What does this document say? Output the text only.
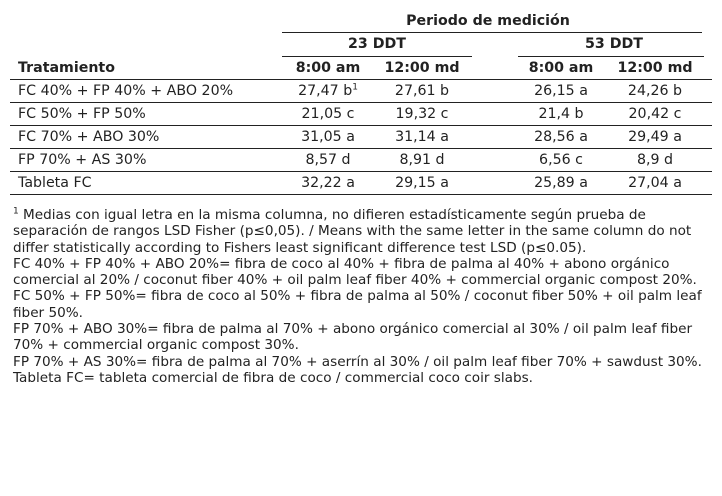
Periodo de medición
23 DDT	53 DDT
Tratamiento	8:00 am	12:00 md	8:00 am	12:00 md
FC 40% + FP 40% + ABO 20%	27,47 $b^1$	27,61 b	26,15 a	24,26 b
FC 50% + FP 50%	21,05 c	19,32 c	21,4 b	20,42 c
FC 70% + ABO 30%	31,05 a	31,14 a	28,56 a	29,49 a
FP 70% + AS 30%	8,57 d	8,91 d	6,56 c	8,9 d
Tableta FC	32,22 a	29,15 a	25,89 a	27,04 a

$^1$ Medias con igual letra en la misma columna, no difieren estadísticamente según prueba de separación de rangos LSD Fisher (p≤0,05). / Means with the same letter in the same column do not differ statistically according to Fishers least significant difference test LSD (p≤0.05).

FC 40% + FP 40% + ABO 20%= fibra de coco al 40% + fibra de palma al 40% + abono orgánico comercial al 20% / coconut fiber 40% + oil palm leaf fiber 40% + commercial organic compost 20%.

FC 50% + FP 50%= fibra de coco al 50% + fibra de palma al 50% / coconut fiber 50% + oil palm leaf fiber 50%.

FP 70% + ABO 30%= fibra de palma al 70% + abono orgánico comercial al 30% / oil palm leaf fiber 70% + commercial organic compost 30%.

FP 70% + AS 30%= fibra de palma al 70% + aserrín al 30% / oil palm leaf fiber 70% + sawdust 30%.

Tableta FC= tableta comercial de fibra de coco / commercial coco coir slabs.
